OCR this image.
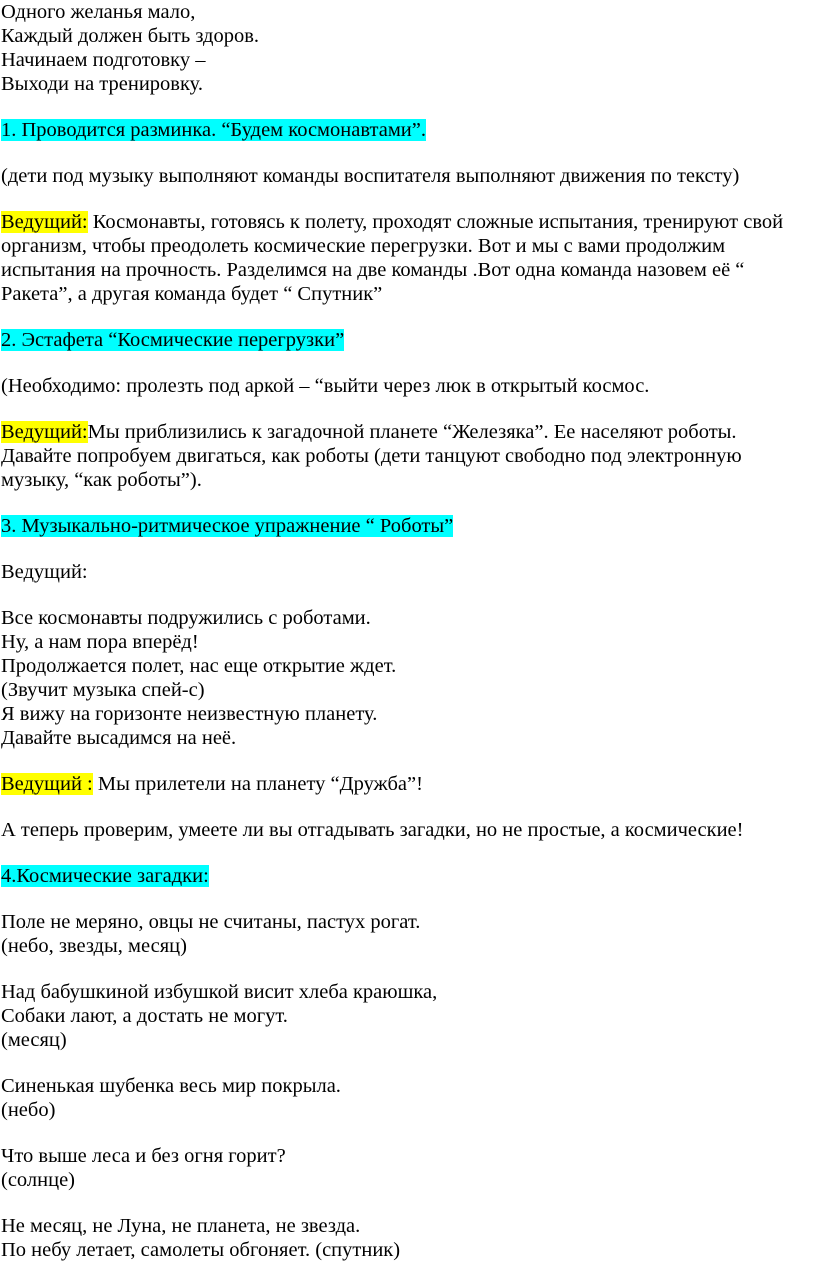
Одного желанья мало,
Каждый должен быть здоров.
Начинаем подготовку –
Выходи на тренировку.
1. Проводится разминка. “Будем космонавтами”.
(дети под музыку выполняют команды воспитателя выполняют движения по тексту)
Ведущий: Космонавты, готовясь к полету, проходят сложные испытания, тренируют свой
организм, чтобы преодолеть космические перегрузки. Вот и мы с вами продолжим
испытания на прочность. Разделимся на две команды .Вот одна команда назовем её “
Ракета”, а другая команда будет “ Спутник”
2. Эстафета “Космические перегрузки”
(Необходимо: пролезть под аркой – “выйти через люк в открытый космос.
Ведущий:Мы приблизились к загадочной планете “Железяка”. Ее населяют роботы.
Давайте попробуем двигаться, как роботы (дети танцуют свободно под электронную
музыку, “как роботы”).
3. Музыкально-ритмическое упражнение “ Роботы”
Ведущий:
Все космонавты подружились с роботами.
Ну, а нам пора вперёд!
Продолжается полет, нас еще открытие ждет.
(Звучит музыка спей-с)
Я вижу на горизонте неизвестную планету.
Давайте высадимся на неё.
Ведущий : Мы прилетели на планету “Дружба”!
А теперь проверим, умеете ли вы отгадывать загадки, но не простые, а космические!
4.Космические загадки:
Поле не меряно, овцы не считаны, пастух рогат.
(небо, звезды, месяц)
Над бабушкиной избушкой висит хлеба краюшка,
Собаки лают, а достать не могут.
(месяц)
Синенькая шубенка весь мир покрыла.
(небо)
Что выше леса и без огня горит?
(солнце)
Не месяц, не Луна, не планета, не звезда.
По небу летает, самолеты обгоняет. (спутник)
